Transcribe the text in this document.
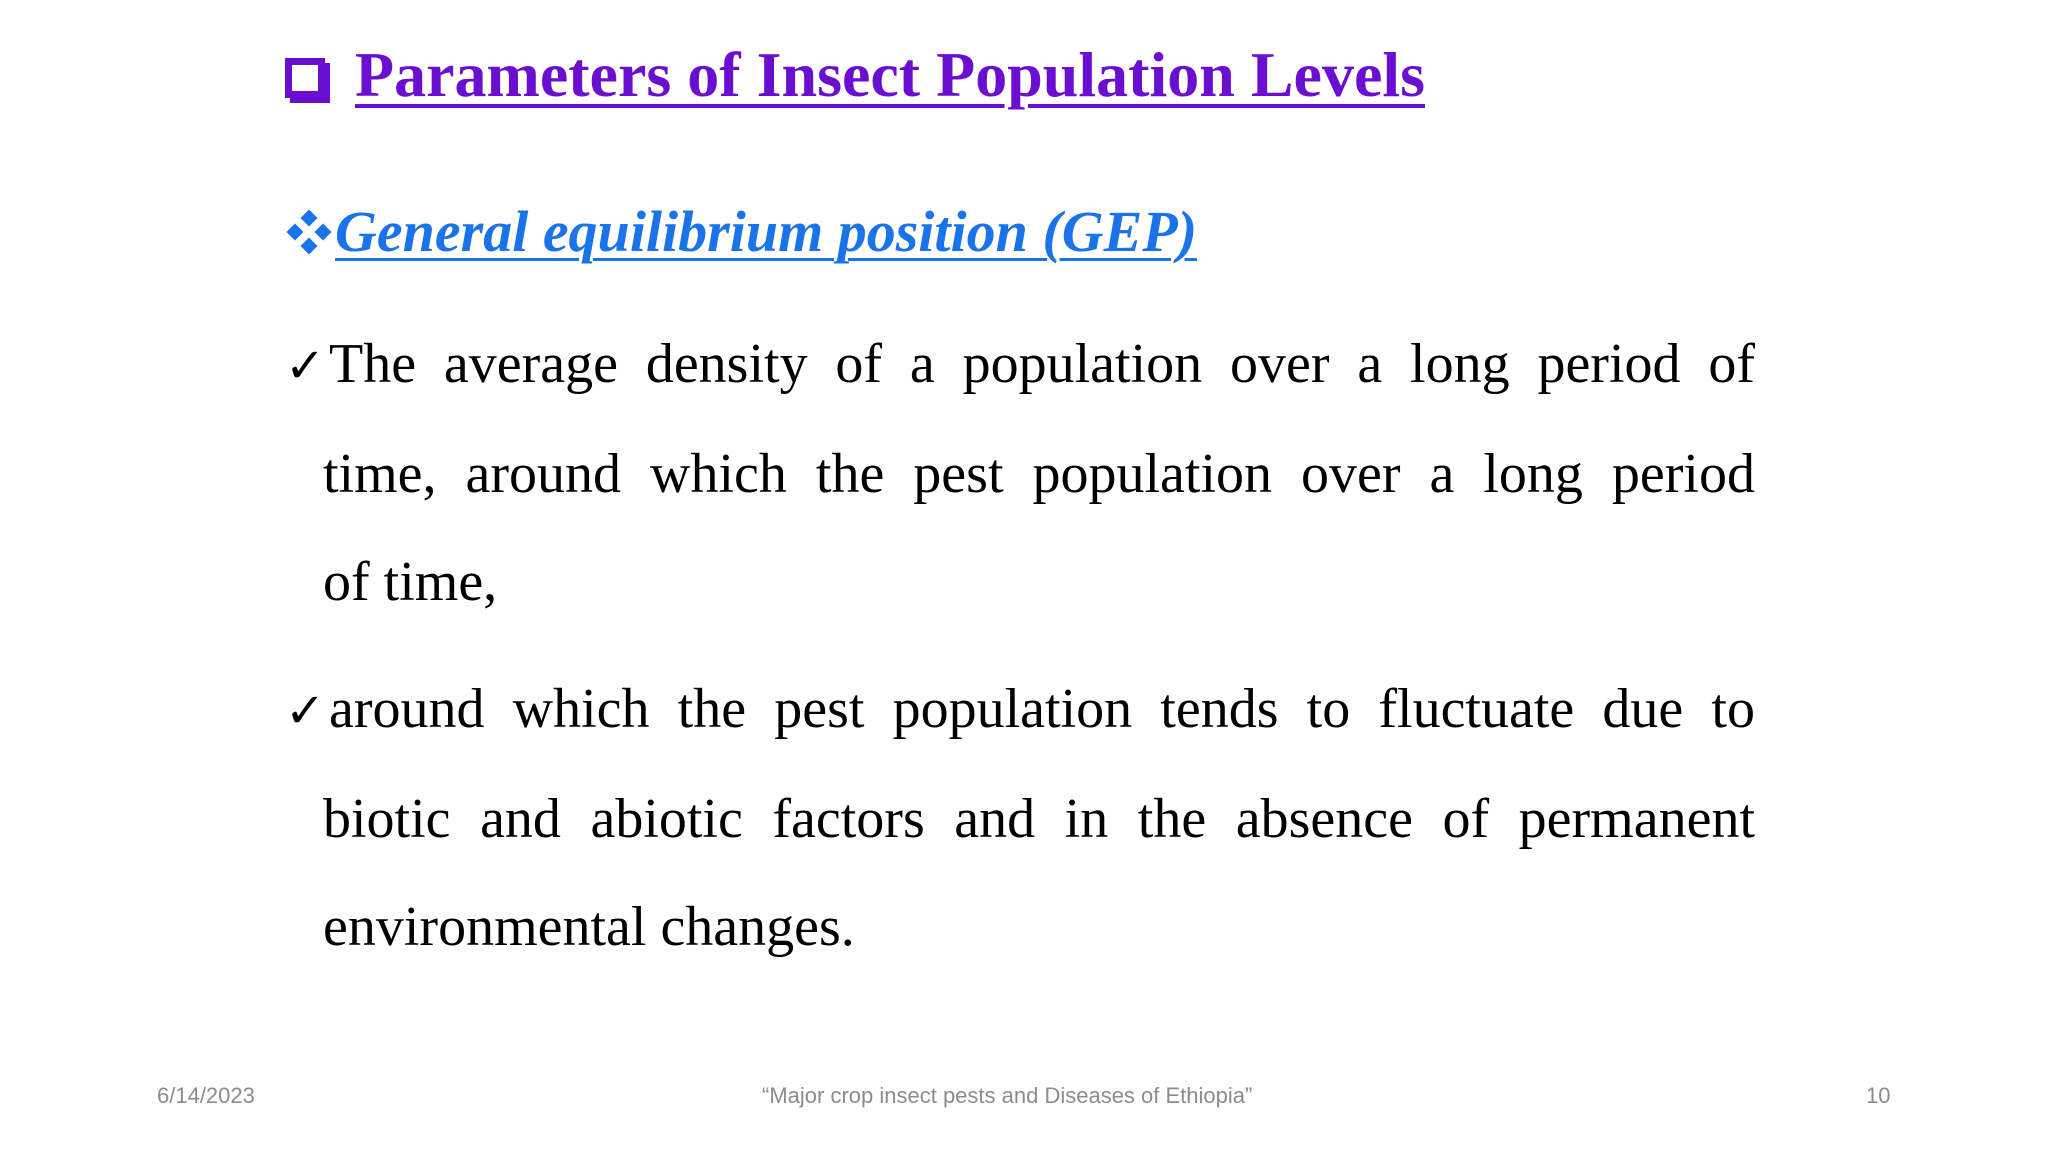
Parameters of Insect Population Levels
General equilibrium position (GEP)
✓The average density of a population over a long period of
time, around which the pest population over a long period
of time,
✓around which the pest population tends to fluctuate due to
biotic and abiotic factors and in the absence of permanent
environmental changes.
6/14/2023	“Major crop insect pests and Diseases of Ethiopia”	10
